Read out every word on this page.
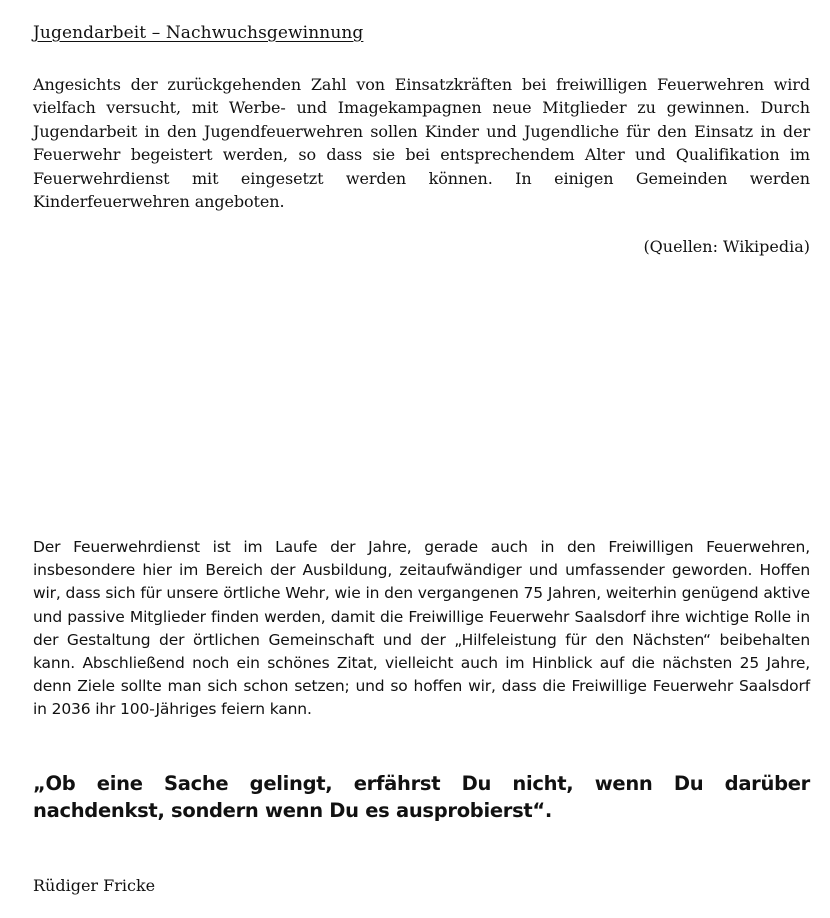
Jugendarbeit – Nachwuchsgewinnung

Angesichts der zurückgehenden Zahl von Einsatzkräften bei freiwilligen Feuerwehren wird vielfach versucht, mit Werbe- und Imagekampagnen neue Mitglieder zu gewinnen. Durch Jugendarbeit in den Jugendfeuerwehren sollen Kinder und Jugendliche für den Einsatz in der Feuerwehr begeistert werden, so dass sie bei entsprechendem Alter und Qualifikation im Feuerwehrdienst mit eingesetzt werden können. In einigen Gemeinden werden Kinderfeuerwehren angeboten.

(Quellen: Wikipedia)

Der Feuerwehrdienst ist im Laufe der Jahre, gerade auch in den Freiwilligen Feuerwehren, insbesondere hier im Bereich der Ausbildung, zeitaufwändiger und umfassender geworden. Hoffen wir, dass sich für unsere örtliche Wehr, wie in den vergangenen 75 Jahren, weiterhin genügend aktive und passive Mitglieder finden werden, damit die Freiwillige Feuerwehr Saalsdorf ihre wichtige Rolle in der Gestaltung der örtlichen Gemeinschaft und der „Hilfeleistung für den Nächsten“ beibehalten kann. Abschließend noch ein schönes Zitat, vielleicht auch im Hinblick auf die nächsten 25 Jahre, denn Ziele sollte man sich schon setzen; und so hoffen wir, dass die Freiwillige Feuerwehr Saalsdorf in 2036 ihr 100-Jähriges feiern kann.

„Ob eine Sache gelingt, erfährst Du nicht, wenn Du darüber nachdenkst, sondern wenn Du es ausprobierst“.

Rüdiger Fricke
